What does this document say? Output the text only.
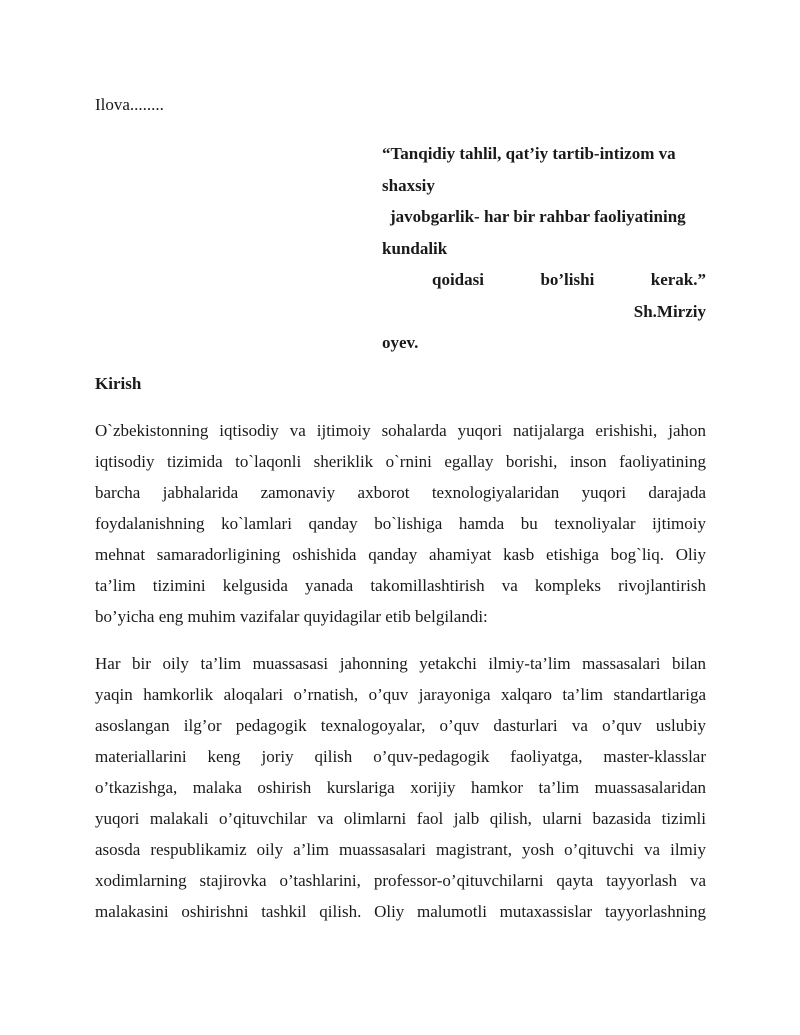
Ilova........
“Tanqidiy tahlil, qat’iy tartib-intizom va
shaxsiy
javobgarlik- har bir rahbar faoliyatining
kundalik
qoidasi	bo’lishi	kerak.”
Sh.Mirziy
oyev.
Kirish

O`zbekistonning iqtisodiy va ijtimoiy sohalarda yuqori natijalarga erishishi, jahon
iqtisodiy tizimida to`laqonli sheriklik o`rnini egallay borishi, inson faoliyatining
barcha jabhalarida zamonaviy axborot texnologiyalaridan yuqori darajada
foydalanishning ko`lamlari qanday bo`lishiga hamda bu texnoliyalar ijtimoiy
mehnat samaradorligining oshishida qanday ahamiyat kasb etishiga bog`liq. Oliy
ta’lim tizimini kelgusida yanada takomillashtirish va kompleks rivojlantirish
bo’yicha eng muhim vazifalar quyidagilar etib belgilandi:

Har bir oily ta’lim muassasasi jahonning yetakchi ilmiy-ta’lim massasalari bilan
yaqin hamkorlik aloqalari o’rnatish, o’quv jarayoniga xalqaro ta’lim standartlariga
asoslangan ilg’or pedagogik texnalogoyalar, o’quv dasturlari va o’quv uslubiy
materiallarini keng joriy qilish o’quv-pedagogik faoliyatga, master-klasslar
o’tkazishga, malaka oshirish kurslariga xorijiy hamkor ta’lim muassasalaridan
yuqori malakali o’qituvchilar va olimlarni faol jalb qilish, ularni bazasida tizimli
asosda respublikamiz oily a’lim muassasalari magistrant, yosh o’qituvchi va ilmiy
xodimlarning stajirovka o’tashlarini, professor-o’qituvchilarni qayta tayyorlash va
malakasini oshirishni tashkil qilish. Oliy malumotli mutaxassislar tayyorlashning
